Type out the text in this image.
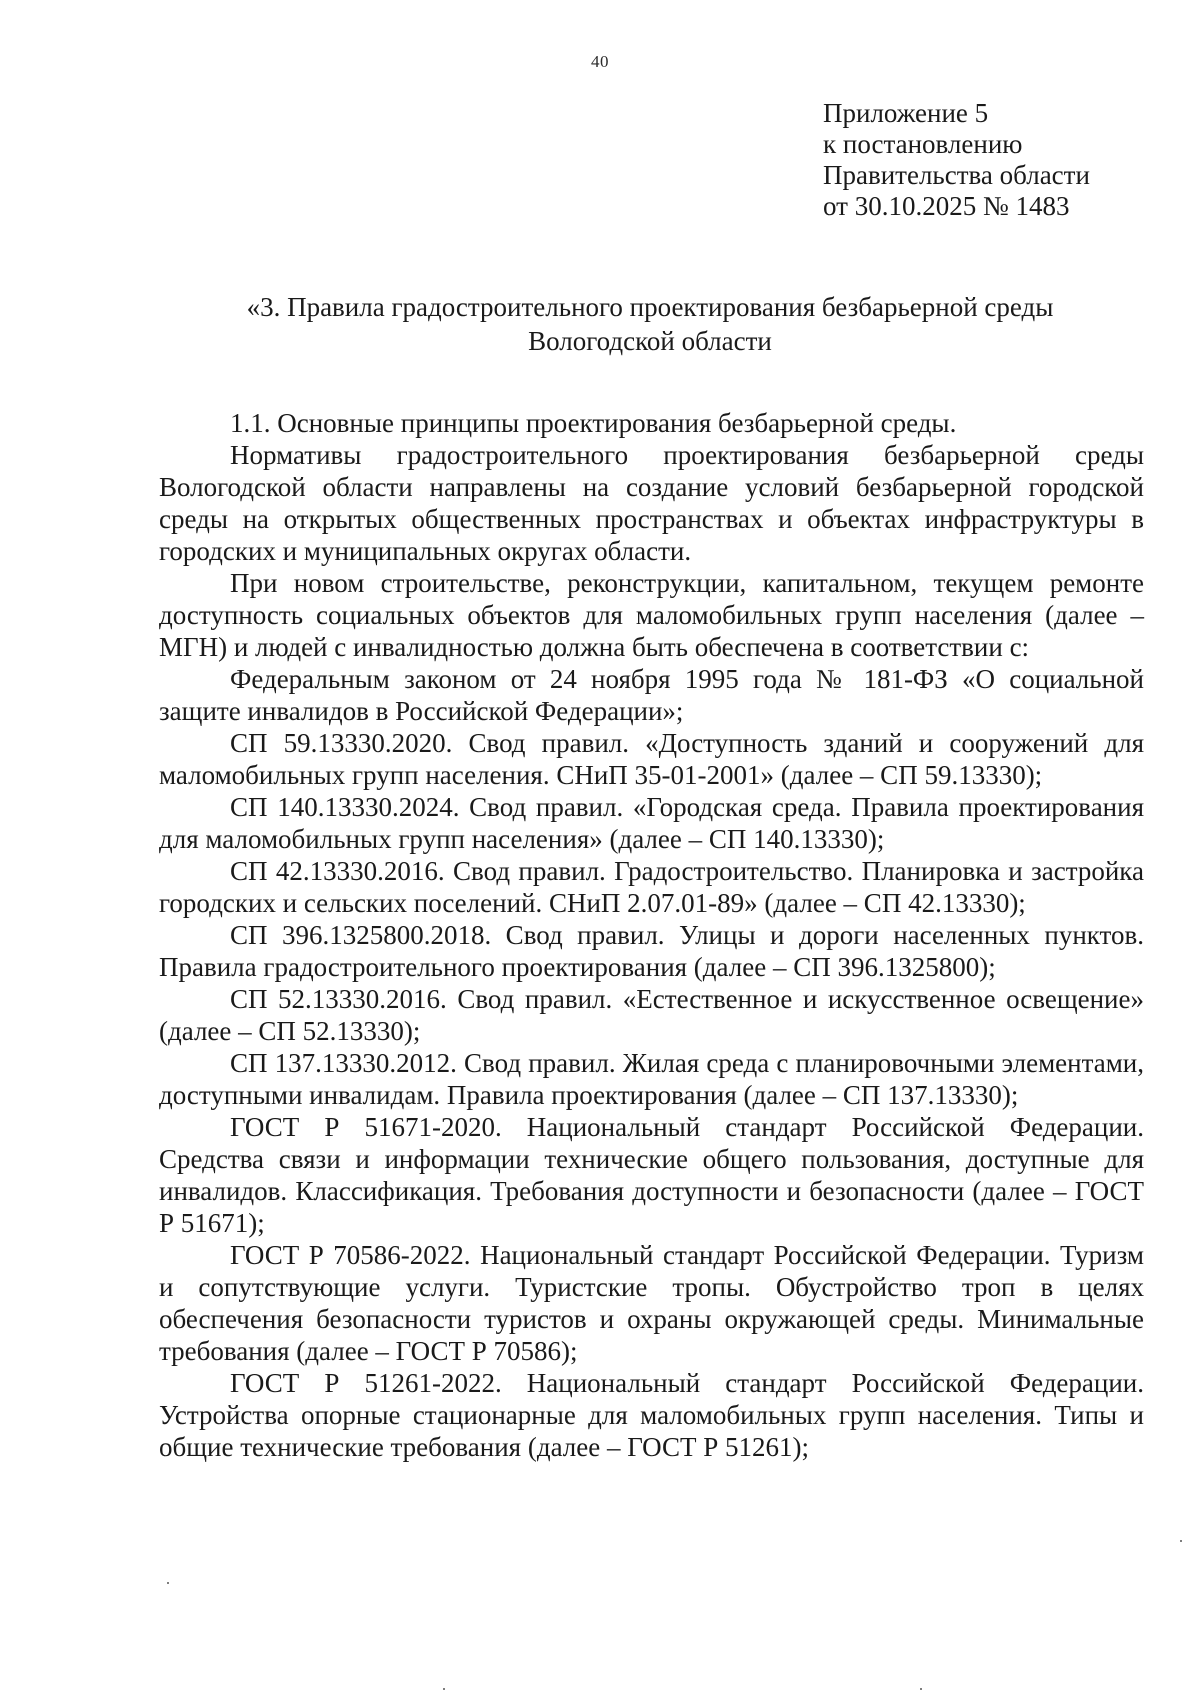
40
Приложение 5
к постановлению
Правительства области
от 30.10.2025 № 1483
«3. Правила градостроительного проектирования безбарьерной среды
Вологодской области

1.1. Основные принципы проектирования безбарьерной среды.

Нормативы градостроительного проектирования безбарьерной среды Вологодской области направлены на создание условий безбарьерной городской среды на открытых общественных пространствах и объектах инфраструктуры в городских и муниципальных округах области.

При новом строительстве, реконструкции, капитальном, текущем ремонте доступность социальных объектов для маломобильных групп населения (далее – МГН) и людей с инвалидностью должна быть обеспечена в соответствии с:

Федеральным законом от 24 ноября 1995 года № 181-ФЗ «О социальной защите инвалидов в Российской Федерации»;

СП 59.13330.2020. Свод правил. «Доступность зданий и сооружений для маломобильных групп населения. СНиП 35-01-2001» (далее – СП 59.13330);

СП 140.13330.2024. Свод правил. «Городская среда. Правила проектирования для маломобильных групп населения» (далее – СП 140.13330);

СП 42.13330.2016. Свод правил. Градостроительство. Планировка и застройка городских и сельских поселений. СНиП 2.07.01-89» (далее – СП 42.13330);

СП 396.1325800.2018. Свод правил. Улицы и дороги населенных пунктов. Правила градостроительного проектирования (далее – СП 396.1325800);

СП 52.13330.2016. Свод правил. «Естественное и искусственное освещение» (далее – СП 52.13330);

СП 137.13330.2012. Свод правил. Жилая среда с планировочными элементами, доступными инвалидам. Правила проектирования (далее – СП 137.13330);

ГОСТ Р 51671-2020. Национальный стандарт Российской Федерации. Средства связи и информации технические общего пользования, доступные для инвалидов. Классификация. Требования доступности и безопасности (далее – ГОСТ Р 51671);

ГОСТ Р 70586-2022. Национальный стандарт Российской Федерации. Туризм и сопутствующие услуги. Туристские тропы. Обустройство троп в целях обеспечения безопасности туристов и охраны окружающей среды. Минимальные требования (далее – ГОСТ Р 70586);

ГОСТ Р 51261-2022. Национальный стандарт Российской Федерации. Устройства опорные стационарные для маломобильных групп населения. Типы и общие технические требования (далее – ГОСТ Р 51261);
